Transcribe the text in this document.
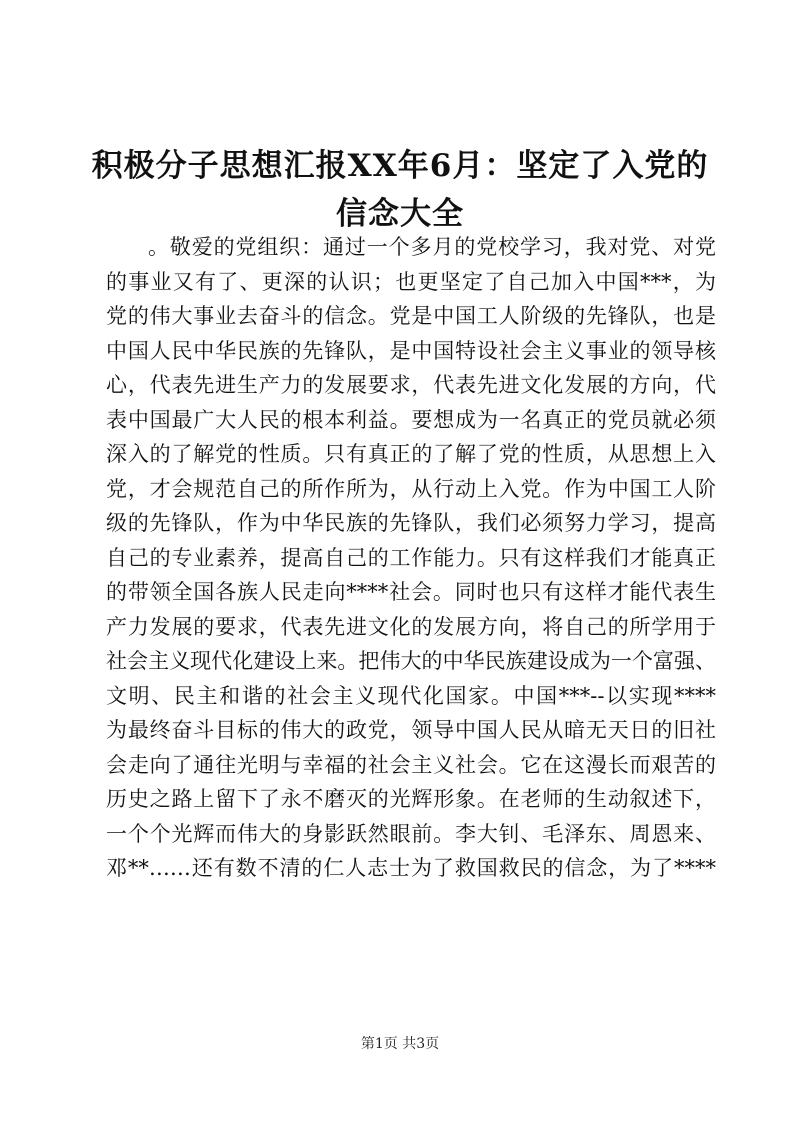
积极分子思想汇报XX年6月：坚定了入党的
信念大全
。敬爱的党组织：通过一个多月的党校学习，我对党、对党
的事业又有了、更深的认识；也更坚定了自己加入中国***，为
党的伟大事业去奋斗的信念。党是中国工人阶级的先锋队，也是
中国人民中华民族的先锋队，是中国特设社会主义事业的领导核
心，代表先进生产力的发展要求，代表先进文化发展的方向，代
表中国最广大人民的根本利益。要想成为一名真正的党员就必须
深入的了解党的性质。只有真正的了解了党的性质，从思想上入
党，才会规范自己的所作所为，从行动上入党。作为中国工人阶
级的先锋队，作为中华民族的先锋队，我们必须努力学习，提高
自己的专业素养，提高自己的工作能力。只有这样我们才能真正
的带领全国各族人民走向****社会。同时也只有这样才能代表生
产力发展的要求，代表先进文化的发展方向，将自己的所学用于
社会主义现代化建设上来。把伟大的中华民族建设成为一个富强、
文明、民主和谐的社会主义现代化国家。中国***--以实现****
为最终奋斗目标的伟大的政党，领导中国人民从暗无天日的旧社
会走向了通往光明与幸福的社会主义社会。它在这漫长而艰苦的
历史之路上留下了永不磨灭的光辉形象。在老师的生动叙述下，
一个个光辉而伟大的身影跃然眼前。李大钊、毛泽东、周恩来、
邓**……还有数不清的仁人志士为了救国救民的信念，为了****
第1页 共3页
